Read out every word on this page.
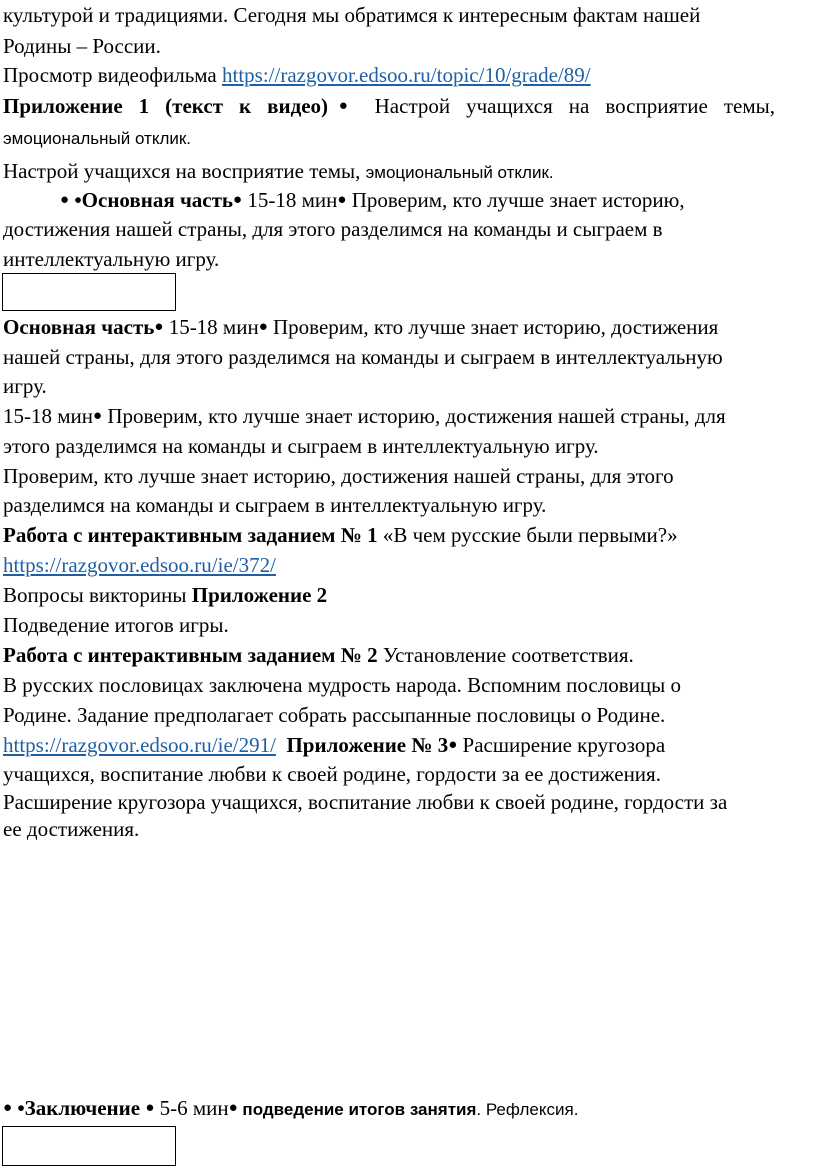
культурой и традициями. Сегодня мы обратимся к интересным фактам нашей
Родины – России.
Просмотр видеофильма https://razgovor.edsoo.ru/topic/10/grade/89/
Приложение 1 (текст к видео)● Настрой учащихся на восприятие темы,
эмоциональный отклик.
Настрой учащихся на восприятие темы, эмоциональный отклик.
● •Основная часть● 15-18 мин● Проверим, кто лучше знает историю,
достижения нашей страны, для этого разделимся на команды и сыграем в
интеллектуальную игру.
Основная часть● 15-18 мин● Проверим, кто лучше знает историю, достижения
нашей страны, для этого разделимся на команды и сыграем в интеллектуальную
игру.
15-18 мин● Проверим, кто лучше знает историю, достижения нашей страны, для
этого разделимся на команды и сыграем в интеллектуальную игру.
Проверим, кто лучше знает историю, достижения нашей страны, для этого
разделимся на команды и сыграем в интеллектуальную игру.
Работа с интерактивным заданием № 1 «В чем русские были первыми?»
https://razgovor.edsoo.ru/ie/372/
Вопросы викторины Приложение 2
Подведение итогов игры.
Работа с интерактивным заданием № 2 Установление соответствия.
В русских пословицах заключена мудрость народа. Вспомним пословицы о
Родине. Задание предполагает собрать рассыпанные пословицы о Родине.
https://razgovor.edsoo.ru/ie/291/ Приложение № 3● Расширение кругозора
учащихся, воспитание любви к своей родине, гордости за ее достижения.
Расширение кругозора учащихся, воспитание любви к своей родине, гордости за
ее достижения.
● •Заключение ● 5-6 мин● подведение итогов занятия. Рефлексия.
